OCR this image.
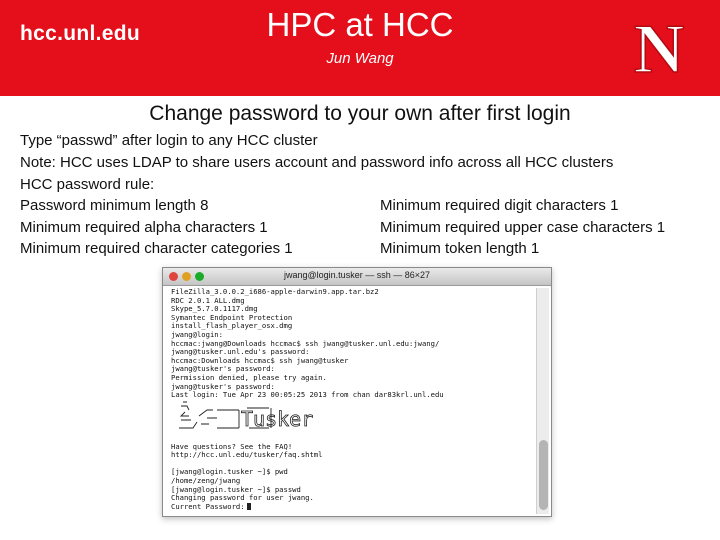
hcc.unl.edu	HPC at HCC
Jun Wang	N
Change password to your own after first login
Type “passwd” after login to any HCC cluster
Note: HCC uses LDAP to share users account and password info across all HCC clusters
HCC password rule:
Password minimum length 8
Minimum required alpha characters 1
Minimum required character categories 1
Minimum required digit characters 1
Minimum required upper case characters 1
Minimum token length 1
jwang@login.tusker — ssh — 86×27
FileZilla_3.0.0.2_i686-apple-darwin9.app.tar.bz2
RDC 2.0.1 ALL.dmg
Skype_5.7.0.1117.dmg
Symantec Endpoint Protection
install_flash_player_osx.dmg
jwang@login:
hccmac:jwang@Downloads hccmac$ ssh jwang@tusker.unl.edu:jwang/
jwang@tusker.unl.edu's password:
hccmac:Downloads hccmac$ ssh jwang@tusker
jwang@tusker's password:
Permission denied, please try again.
jwang@tusker's password:
Last login: Tue Apr 23 00:05:25 2013 from chan dar83krl.unl.edu
Have questions? See the FAQ!
http://hcc.unl.edu/tusker/faq.shtml
[jwang@login.tusker ~]$ pwd
/home/zeng/jwang
[jwang@login.tusker ~]$ passwd
Changing password for user jwang.
Current Password:
Tusker
